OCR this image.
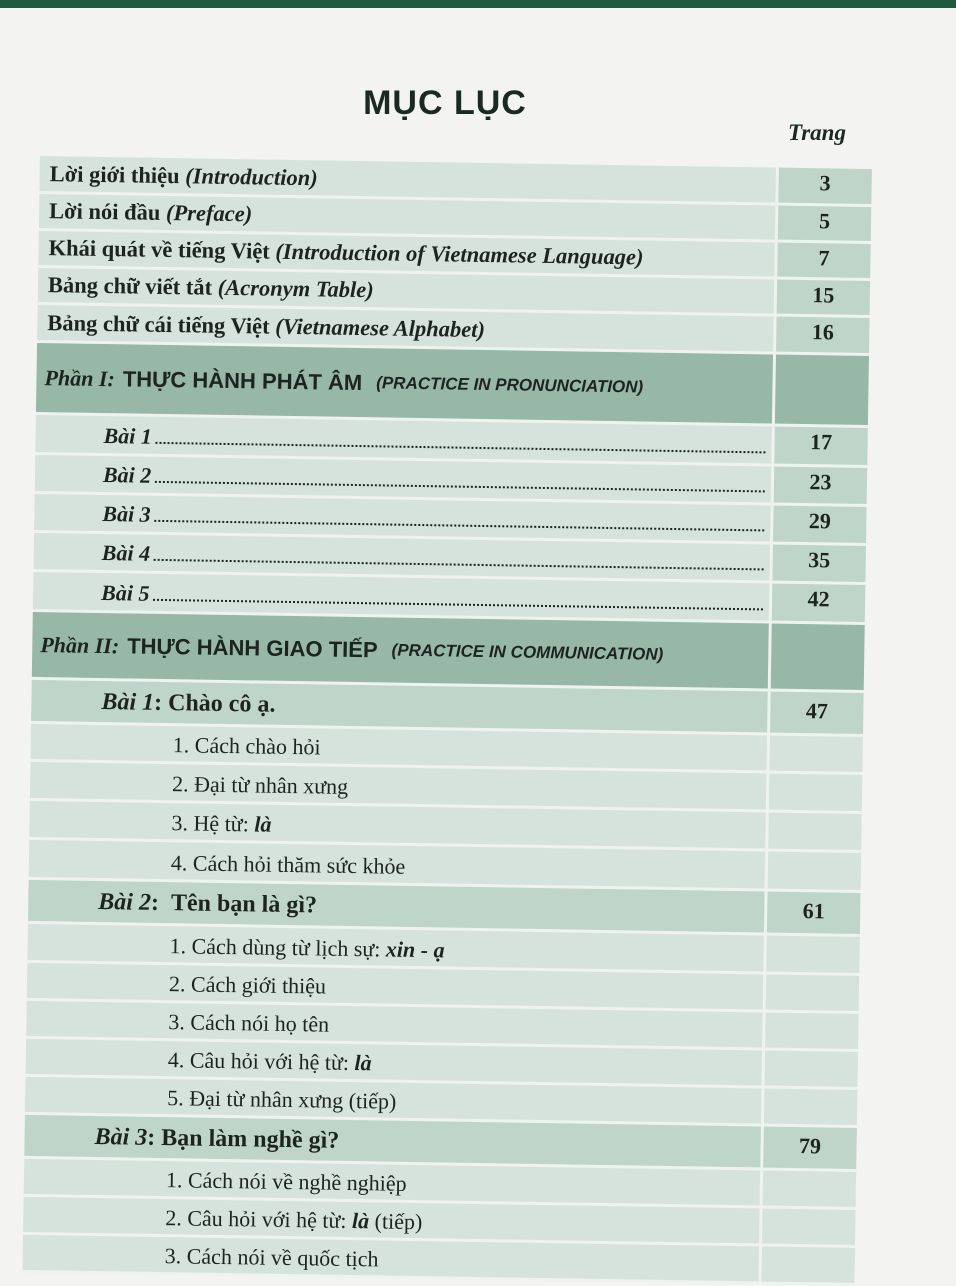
MỤC LỤC
Trang
Lời giới thiệu
(Introduction)	3
Lời nói đầu
(Preface)	5
Khái quát về tiếng Việt
(Introduction of Vietnamese Language)	7
Bảng chữ viết tắt
(Acronym Table)	15
Bảng chữ cái tiếng Việt
(Vietnamese Alphabet)	16
Phần I : THỰC HÀNH PHÁT ÂM (PRACTICE IN PRONUNCIATION)
Bài 1	17
Bài 2	23
Bài 3	29
Bài 4	35
Bài 5	42
Phần II : THỰC HÀNH GIAO TIẾP (PRACTICE IN COMMUNICATION)
Bài 1 : Chào cô ạ.	47
1. Cách chào hỏi
2. Đại từ nhân xưng
3. Hệ từ: là
4. Cách hỏi thăm sức khỏe
Bài 2 : Tên bạn là gì?	61
1. Cách dùng từ lịch sự: xin - ạ
2. Cách giới thiệu
3. Cách nói họ tên
4. Câu hỏi với hệ từ: là
5. Đại từ nhân xưng (tiếp)
Bài 3 : Bạn làm nghề gì?	79
1. Cách nói về nghề nghiệp
2. Câu hỏi với hệ từ: là (tiếp)
3. Cách nói về quốc tịch
